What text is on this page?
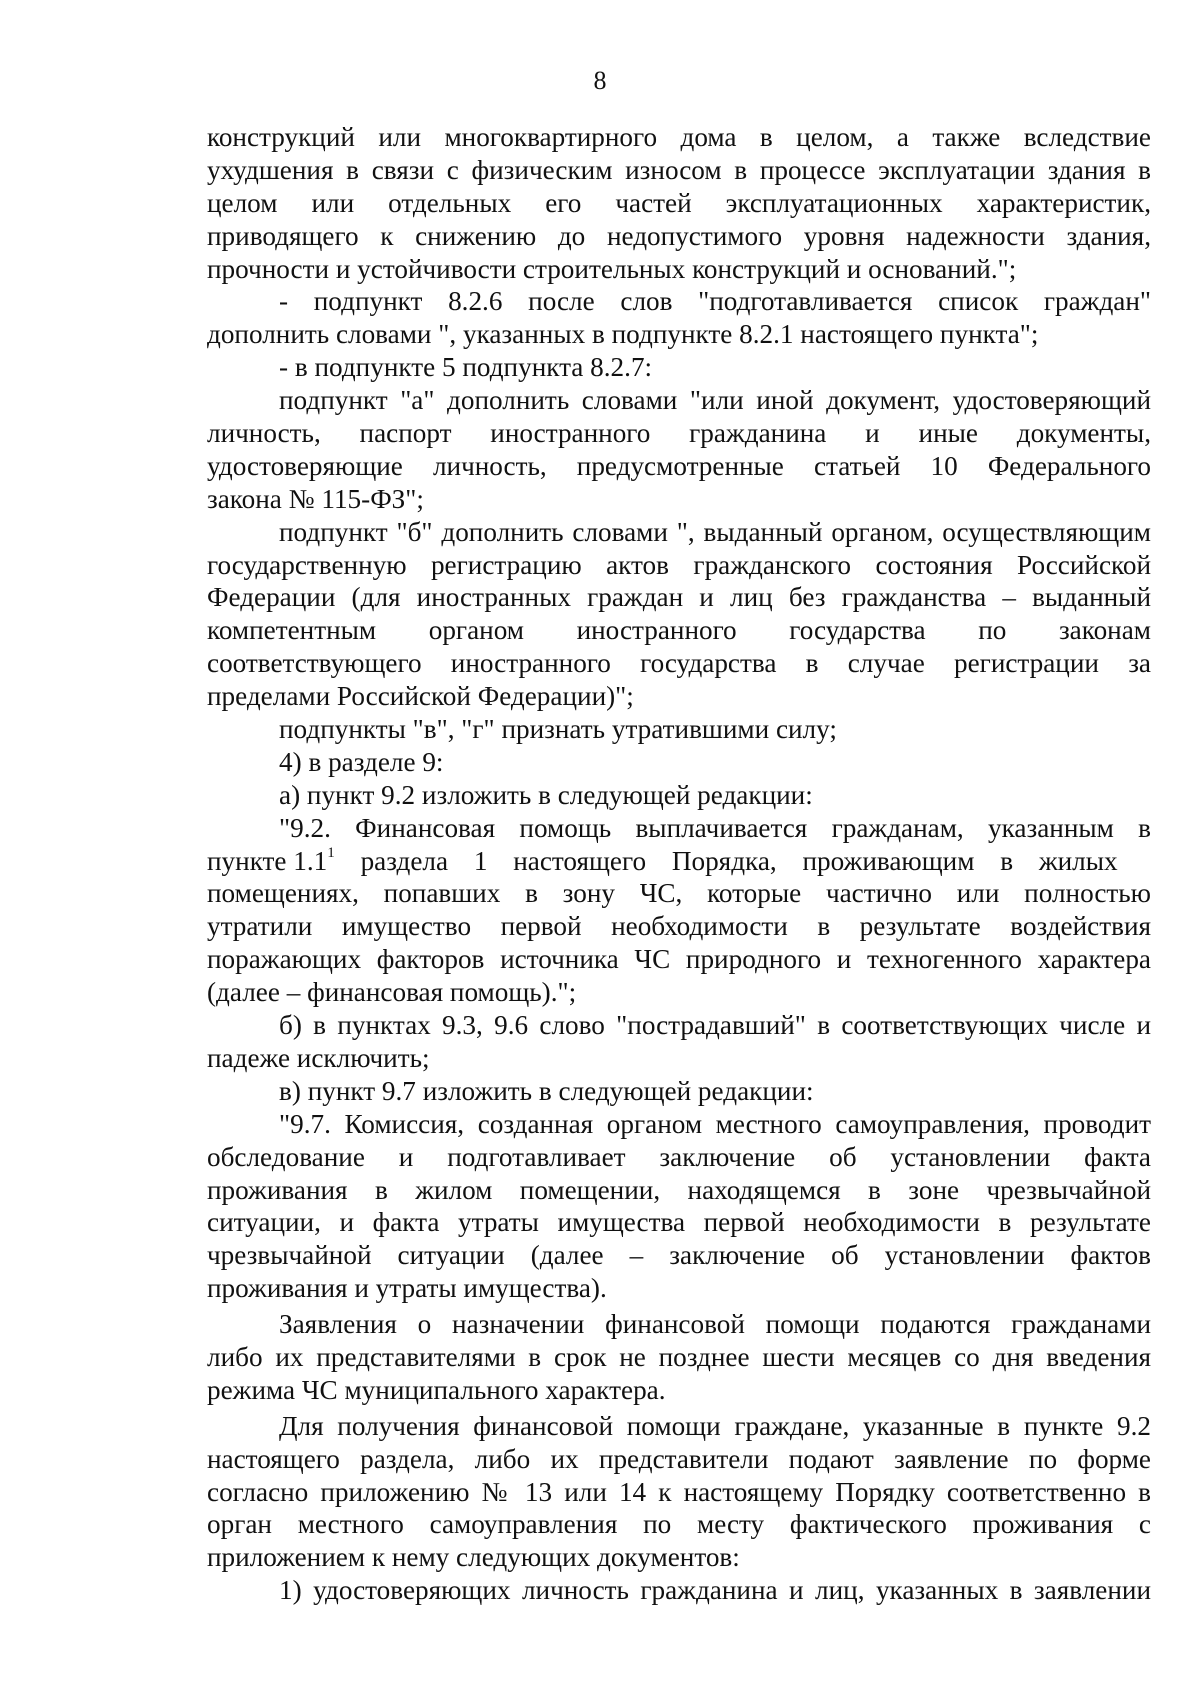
8
конструкций или многоквартирного дома в целом, а также вследствие
ухудшения в связи с физическим износом в процессе эксплуатации здания в
целом или отдельных его частей эксплуатационных характеристик,
приводящего к снижению до недопустимого уровня надежности здания,
прочности и устойчивости строительных конструкций и оснований.";
- подпункт 8.2.6 после слов "подготавливается список граждан"
дополнить словами ", указанных в подпункте 8.2.1 настоящего пункта";
- в подпункте 5 подпункта 8.2.7:
подпункт "а" дополнить словами "или иной документ, удостоверяющий
личность, паспорт иностранного гражданина и иные документы,
удостоверяющие личность, предусмотренные статьей 10 Федерального
закона № 115-ФЗ";
подпункт "б" дополнить словами ", выданный органом, осуществляющим
государственную регистрацию актов гражданского состояния Российской
Федерации (для иностранных граждан и лиц без гражданства – выданный
компетентным органом иностранного государства по законам
соответствующего иностранного государства в случае регистрации за
пределами Российской Федерации)";
подпункты "в", "г" признать утратившими силу;
4) в разделе 9:
а) пункт 9.2 изложить в следующей редакции:
"9.2. Финансовая помощь выплачивается гражданам, указанным в
пункте $1.1^1$ раздела 1 настоящего Порядка, проживающим в жилых
помещениях, попавших в зону ЧС, которые частично или полностью
утратили имущество первой необходимости в результате воздействия
поражающих факторов источника ЧС природного и техногенного характера
(далее – финансовая помощь).";
б) в пунктах 9.3, 9.6 слово "пострадавший" в соответствующих числе и
падеже исключить;
в) пункт 9.7 изложить в следующей редакции:
"9.7. Комиссия, созданная органом местного самоуправления, проводит
обследование и подготавливает заключение об установлении факта
проживания в жилом помещении, находящемся в зоне чрезвычайной
ситуации, и факта утраты имущества первой необходимости в результате
чрезвычайной ситуации (далее – заключение об установлении фактов
проживания и утраты имущества).
Заявления о назначении финансовой помощи подаются гражданами
либо их представителями в срок не позднее шести месяцев со дня введения
режима ЧС муниципального характера.
Для получения финансовой помощи граждане, указанные в пункте 9.2
настоящего раздела, либо их представители подают заявление по форме
согласно приложению № 13 или 14 к настоящему Порядку соответственно в
орган местного самоуправления по месту фактического проживания с
приложением к нему следующих документов:
1) удостоверяющих личность гражданина и лиц, указанных в заявлении
